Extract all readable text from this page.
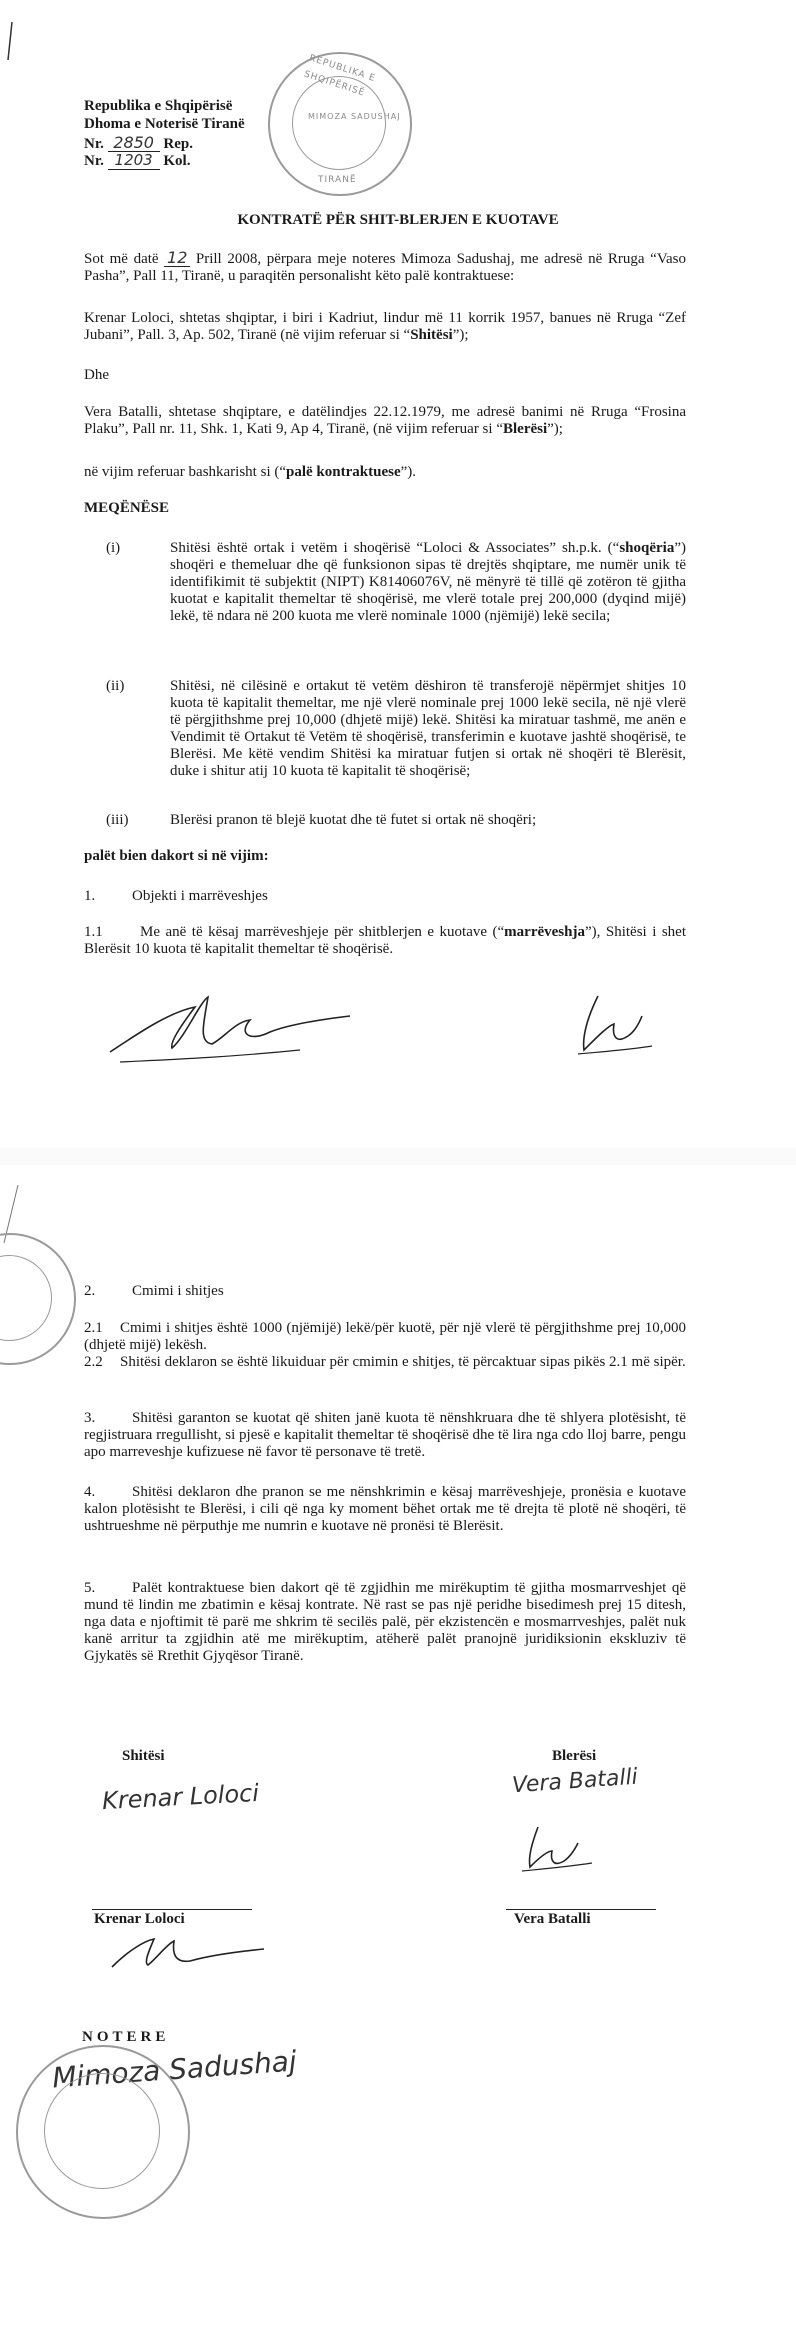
Republika e Shqipërisë
Dhoma e Noterisë Tiranë
Nr. 2850 Rep.
Nr. 1203 Kol.
REPUBLIKA E SHQIPËRISË
MIMOZA SADUSHAJ
TIRANË
KONTRATË PËR SHIT-BLERJEN E KUOTAVE
Sot më datë 12 Prill 2008, përpara meje noteres Mimoza Sadushaj, me adresë në Rruga “Vaso Pasha”, Pall 11, Tiranë, u paraqitën personalisht këto palë kontraktuese:
Krenar Loloci, shtetas shqiptar, i biri i Kadriut, lindur më 11 korrik 1957, banues në Rruga “Zef Jubani”, Pall. 3, Ap. 502, Tiranë (në vijim referuar si “Shitësi”);
Dhe
Vera Batalli, shtetase shqiptare, e datëlindjes 22.12.1979, me adresë banimi në Rruga “Frosina Plaku”, Pall nr. 11, Shk. 1, Kati 9, Ap 4, Tiranë, (në vijim referuar si “Blerësi”);
në vijim referuar bashkarisht si (“palë kontraktuese”).
MEQËNËSE
(i)	Shitësi është ortak i vetëm i shoqërisë “Loloci & Associates” sh.p.k. (“shoqëria”) shoqëri e themeluar dhe që funksionon sipas të drejtës shqiptare, me numër unik të identifikimit të subjektit (NIPT) K81406076V, në mënyrë të tillë që zotëron të gjitha kuotat e kapitalit themeltar të shoqërisë, me vlerë totale prej 200,000 (dyqind mijë) lekë, të ndara në 200 kuota me vlerë nominale 1000 (njëmijë) lekë secila;
(ii)	Shitësi, në cilësinë e ortakut të vetëm dëshiron të transferojë nëpërmjet shitjes 10 kuota të kapitalit themeltar, me një vlerë nominale prej 1000 lekë secila, në një vlerë të përgjithshme prej 10,000 (dhjetë mijë) lekë. Shitësi ka miratuar tashmë, me anën e Vendimit të Ortakut të Vetëm të shoqërisë, transferimin e kuotave jashtë shoqërisë, te Blerësi. Me këtë vendim Shitësi ka miratuar futjen si ortak në shoqëri të Blerësit, duke i shitur atij 10 kuota të kapitalit të shoqërisë;
(iii)	Blerësi pranon të blejë kuotat dhe të futet si ortak në shoqëri;
palët bien dakort si në vijim:
1. Objekti i marrëveshjes
1.1	Me anë të kësaj marrëveshjeje për shitblerjen e kuotave (“marrëveshja”), Shitësi i shet Blerësit 10 kuota të kapitalit themeltar të shoqërisë.
2. Cmimi i shitjes
2.1	Cmimi i shitjes është 1000 (njëmijë) lekë/për kuotë, për një vlerë të përgjithshme prej 10,000 (dhjetë mijë) lekësh.
2.2	Shitësi deklaron se është likuiduar për cmimin e shitjes, të përcaktuar sipas pikës 2.1 më sipër.
3.	Shitësi garanton se kuotat që shiten janë kuota të nënshkruara dhe të shlyera plotësisht, të regjistruara rregullisht, si pjesë e kapitalit themeltar të shoqërisë dhe të lira nga cdo lloj barre, pengu apo marreveshje kufizuese në favor të personave të tretë.
4.	Shitësi deklaron dhe pranon se me nënshkrimin e kësaj marrëveshjeje, pronësia e kuotave kalon plotësisht te Blerësi, i cili që nga ky moment bëhet ortak me të drejta të plotë në shoqëri, të ushtrueshme në përputhje me numrin e kuotave në pronësi të Blerësit.
5.	Palët kontraktuese bien dakort që të zgjidhin me mirëkuptim të gjitha mosmarrveshjet që mund të lindin me zbatimin e kësaj kontrate. Në rast se pas një peridhe bisedimesh prej 15 ditesh, nga data e njoftimit të parë me shkrim të secilës palë, për ekzistencën e mosmarrveshjes, palët nuk kanë arritur ta zgjidhin atë me mirëkuptim, atëherë palët pranojnë juridiksionin ekskluziv të Gjykatës së Rrethit Gjyqësor Tiranë.
Shitësi	Blerësi
Krenar Loloci	Vera Batalli
Krenar Loloci	Vera Batalli
NOTERE
Mimoza Sadushaj
